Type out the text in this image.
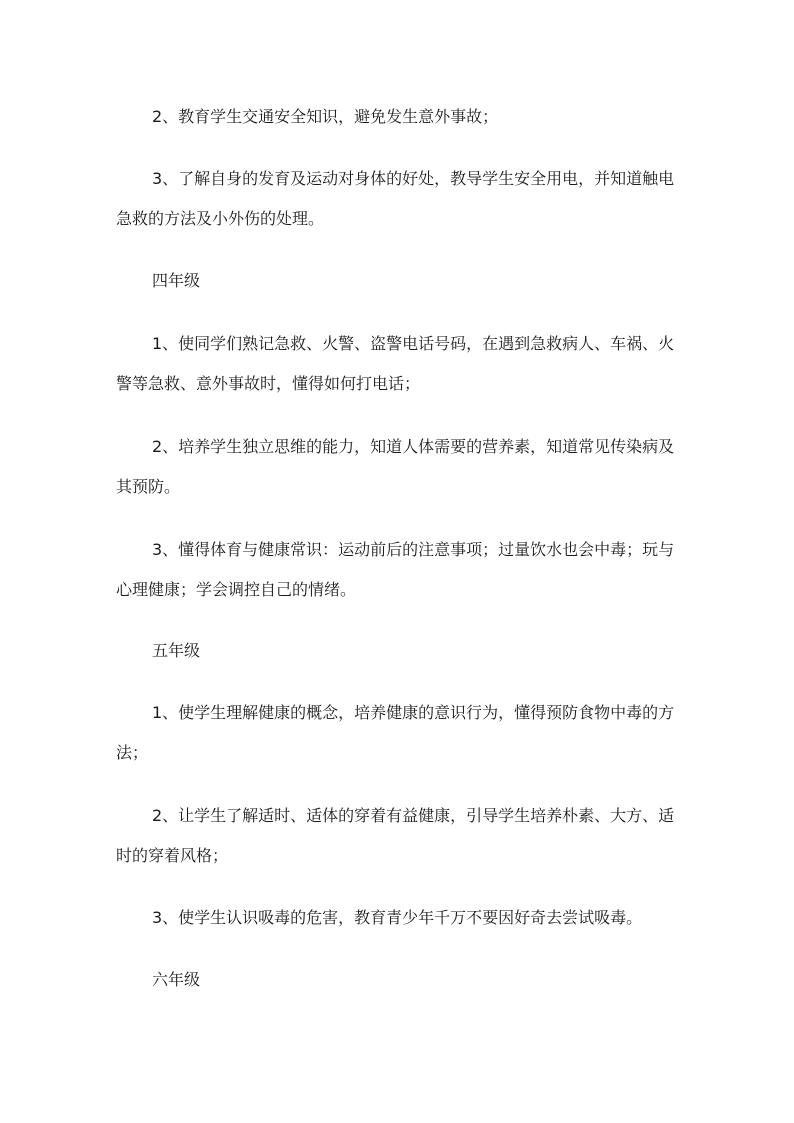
2、教育学生交通安全知识，避免发生意外事故；

3、了解自身的发育及运动对身体的好处，教导学生安全用电，并知道触电急救的方法及小外伤的处理。

四年级

1、使同学们熟记急救、火警、盗警电话号码，在遇到急救病人、车祸、火警等急救、意外事故时，懂得如何打电话；

2、培养学生独立思维的能力，知道人体需要的营养素，知道常见传染病及其预防。

3、懂得体育与健康常识：运动前后的注意事项；过量饮水也会中毒；玩与心理健康；学会调控自己的情绪。

五年级

1、使学生理解健康的概念，培养健康的意识行为，懂得预防食物中毒的方法；

2、让学生了解适时、适体的穿着有益健康，引导学生培养朴素、大方、适时的穿着风格；

3、使学生认识吸毒的危害，教育青少年千万不要因好奇去尝试吸毒。

六年级
